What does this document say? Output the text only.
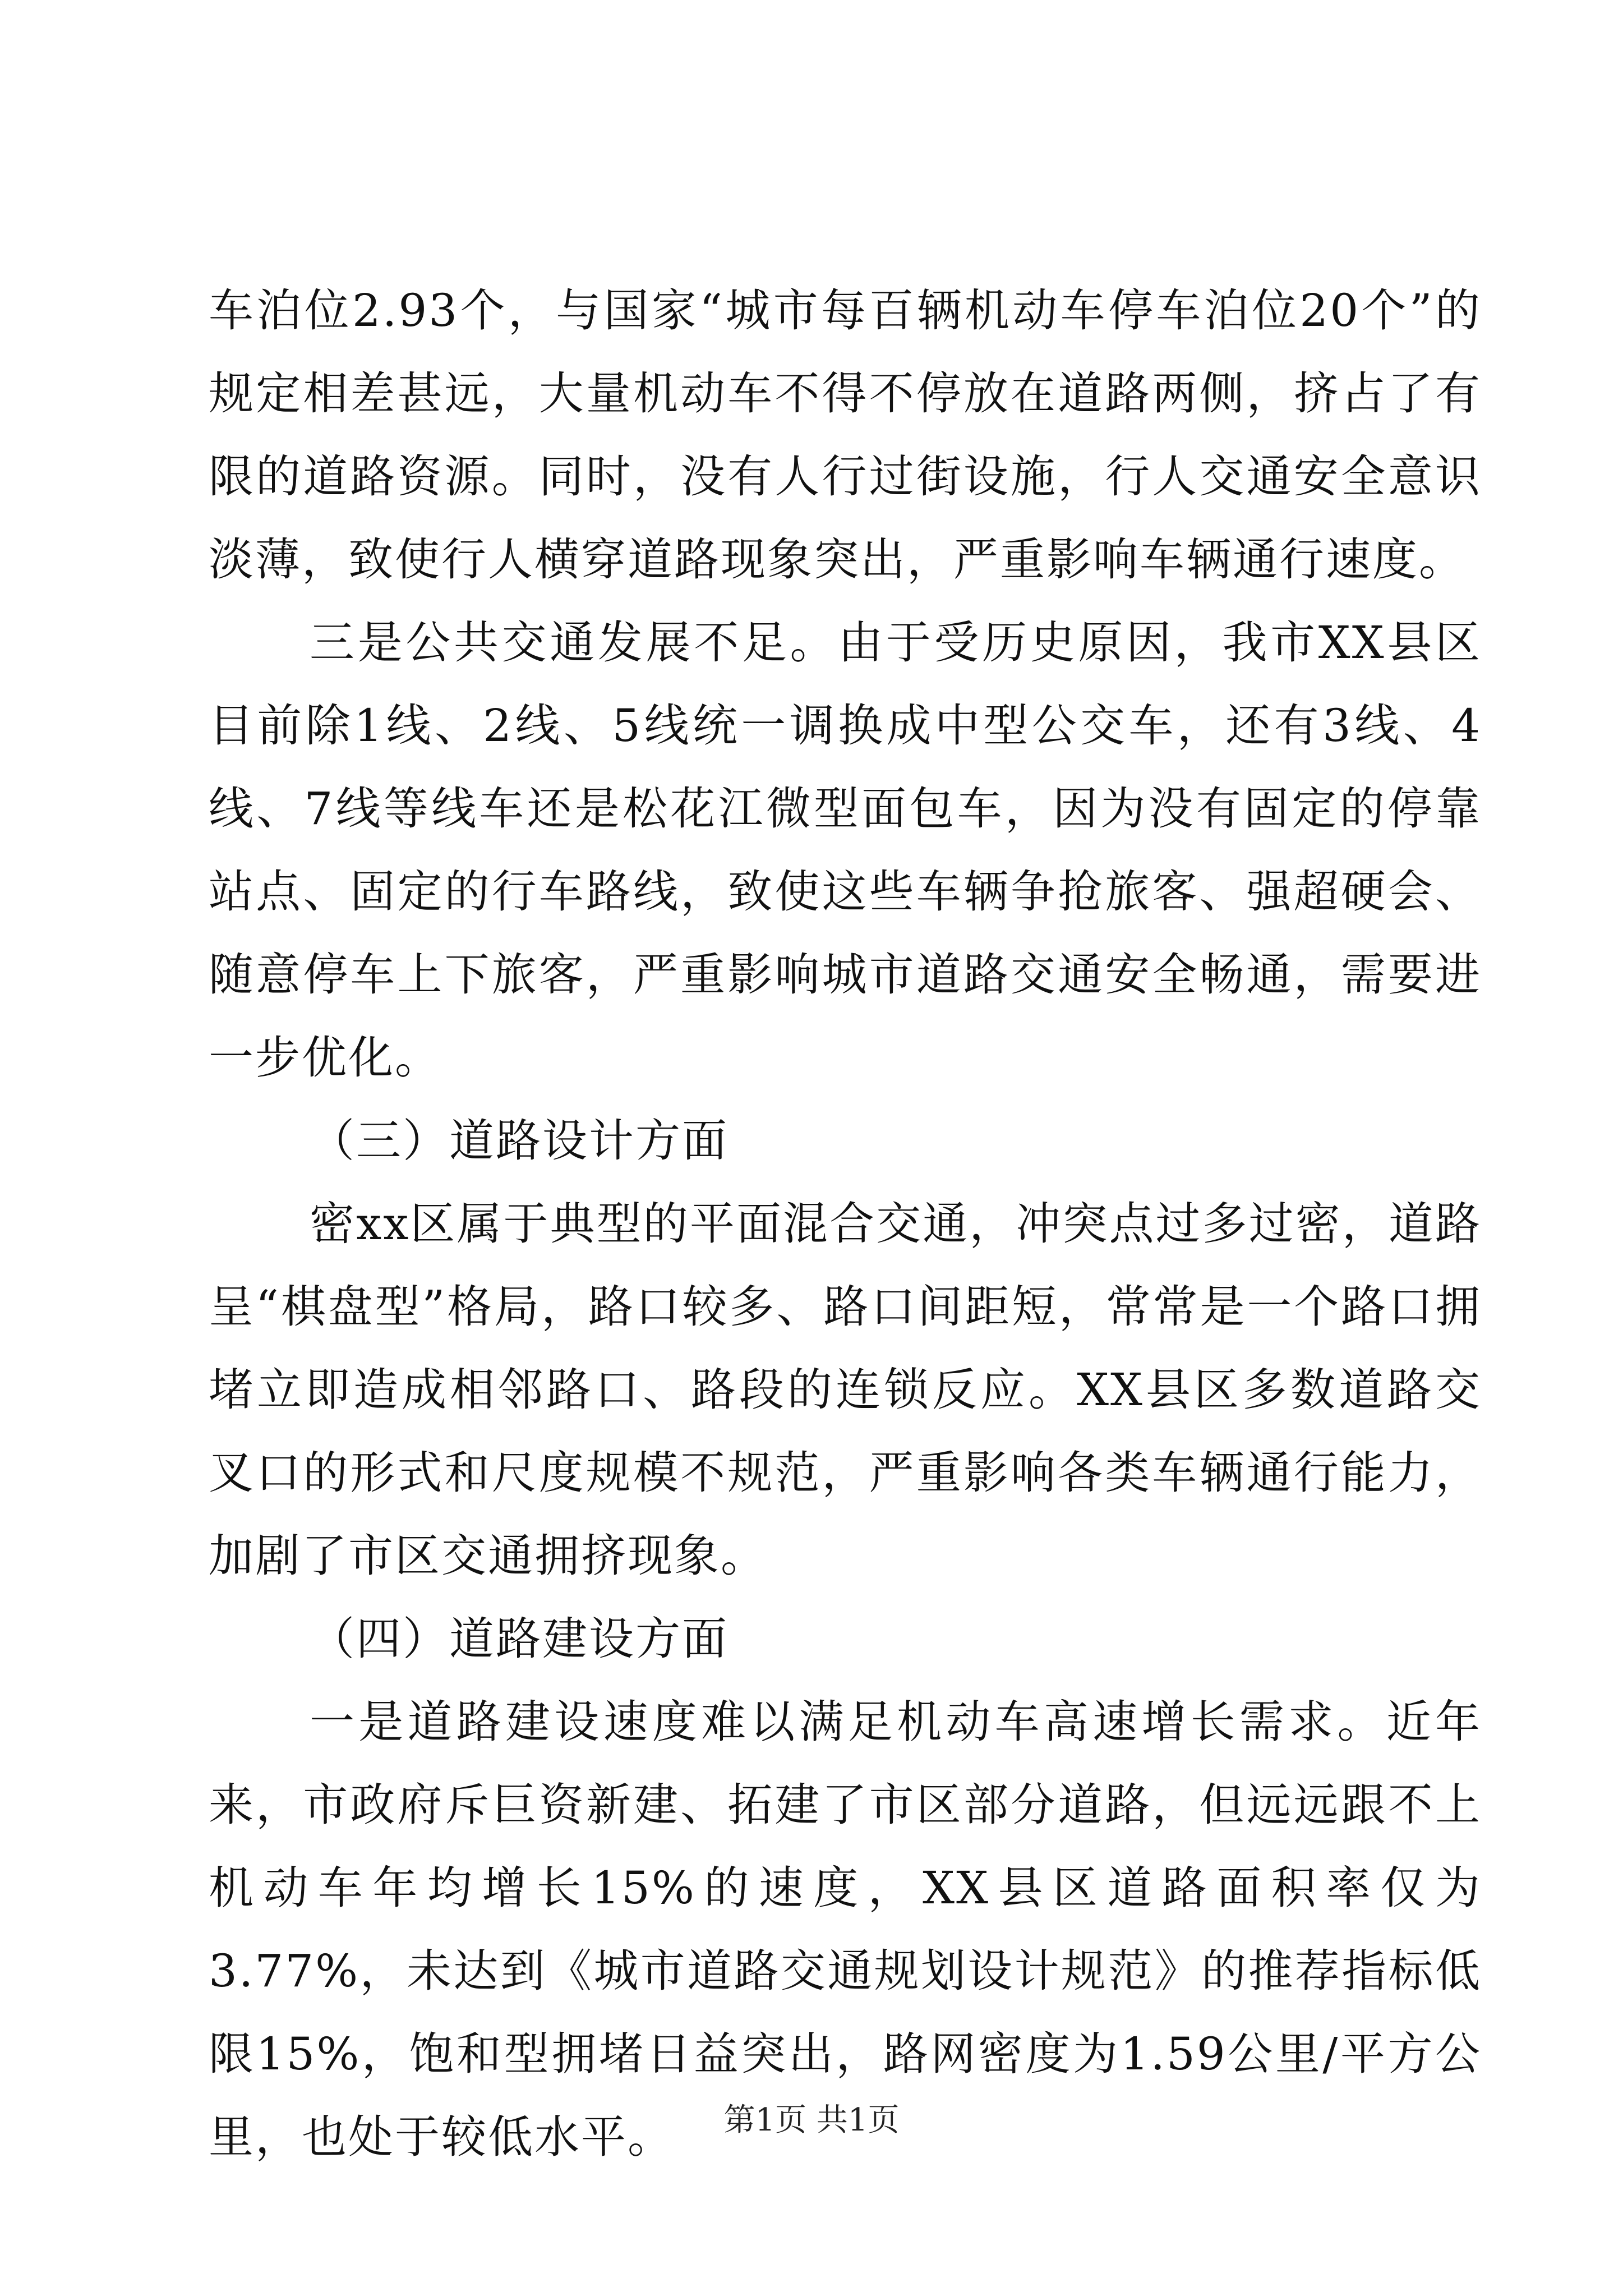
车泊位2.93个，与国家“城市每百辆机动车停车泊位20个”的规定相差甚远，大量机动车不得不停放在道路两侧，挤占了有限的道路资源。同时，没有人行过街设施，行人交通安全意识淡薄，致使行人横穿道路现象突出，严重影响车辆通行速度。

三是公共交通发展不足。由于受历史原因，我市XX县区目前除1线、2线、5线统一调换成中型公交车，还有3线、4线、7线等线车还是松花江微型面包车，因为没有固定的停靠站点、固定的行车路线，致使这些车辆争抢旅客、强超硬会、随意停车上下旅客，严重影响城市道路交通安全畅通，需要进一步优化。

（三）道路设计方面

密xx区属于典型的平面混合交通，冲突点过多过密，道路呈“棋盘型”格局，路口较多、路口间距短，常常是一个路口拥堵立即造成相邻路口、路段的连锁反应。XX县区多数道路交叉口的形式和尺度规模不规范，严重影响各类车辆通行能力，加剧了市区交通拥挤现象。

（四）道路建设方面

一是道路建设速度难以满足机动车高速增长需求。近年来，市政府斥巨资新建、拓建了市区部分道路，但远远跟不上机动车年均增长15%的速度，XX县区道路面积率仅为3.77%，未达到《城市道路交通规划设计规范》的推荐指标低限15%，饱和型拥堵日益突出，路网密度为1.59公里/平方公里，也处于较低水平。	第1页 共1页
